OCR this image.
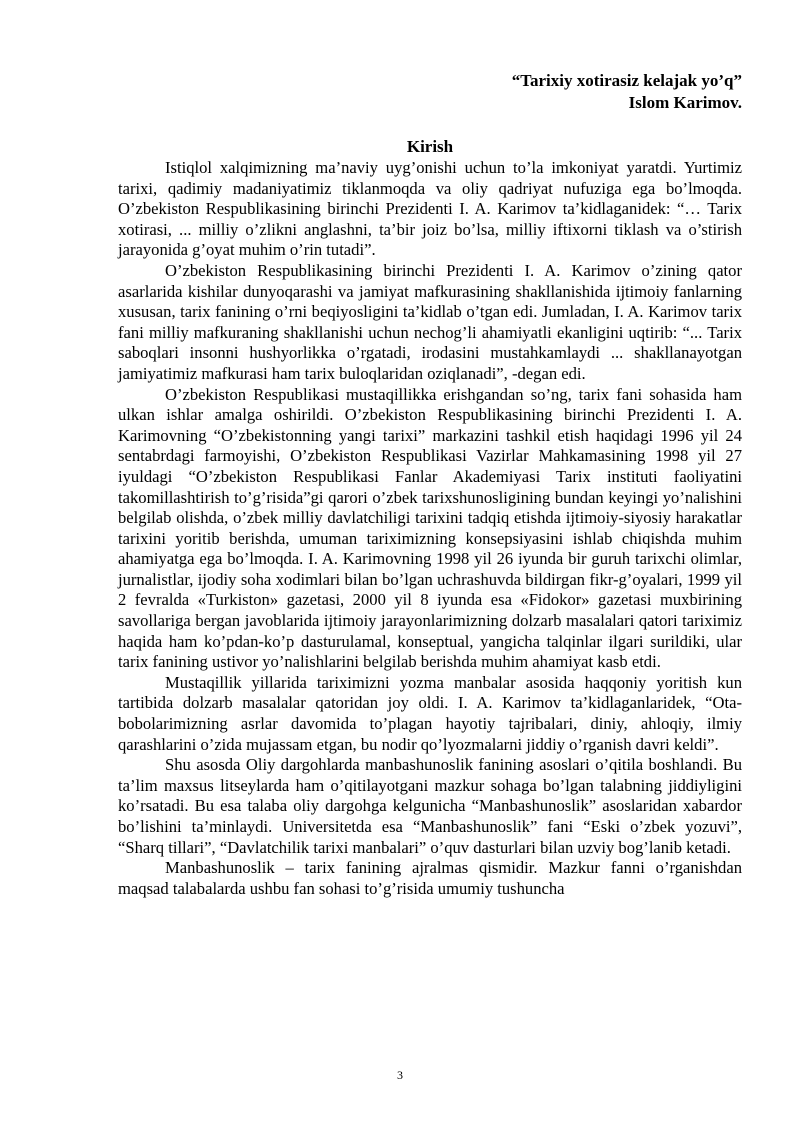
“Tarixiy xotirasiz kelajak yo’q”
Islom Karimov.
Kirish

Istiqlol xalqimizning ma’naviy uyg’onishi uchun to’la imkoniyat yaratdi. Yurtimiz tarixi, qadimiy madaniyatimiz tiklanmoqda va oliy qadriyat nufuziga ega bo’lmoqda. O’zbekiston Respublikasining birinchi Prezidenti I. A. Karimov ta’kidlaganidek: “… Tarix xotirasi, ... milliy o’zlikni anglashni, ta’bir joiz bo’lsa, milliy iftixorni tiklash va o’stirish jarayonida g’oyat muhim o’rin tutadi”.

O’zbekiston Respublikasining birinchi Prezidenti I. A. Karimov o’zining qator asarlarida kishilar dunyoqarashi va jamiyat mafkurasining shakllanishida ijtimoiy fanlarning xususan, tarix fanining o’rni beqiyosligini ta’kidlab o’tgan edi. Jumladan, I. A. Karimov tarix fani milliy mafkuraning shakllanishi uchun nechog’li ahamiyatli ekanligini uqtirib: “... Tarix saboqlari insonni hushyorlikka o’rgatadi, irodasini mustahkamlaydi ... shakllanayotgan jamiyatimiz mafkurasi ham tarix buloqlaridan oziqlanadi”, -degan edi.

O’zbekiston Respublikasi mustaqillikka erishgandan so’ng, tarix fani sohasida ham ulkan ishlar amalga oshirildi. O’zbekiston Respublikasining birinchi Prezidenti I. A. Karimovning “O’zbekistonning yangi tarixi” markazini tashkil etish haqidagi 1996 yil 24 sentabrdagi farmoyishi, O’zbekiston Respublikasi Vazirlar Mahkamasining 1998 yil 27 iyuldagi “O’zbekiston Respublikasi Fanlar Akademiyasi Tarix instituti faoliyatini takomillashtirish to’g’risida”gi qarori o’zbek tarixshunosligining bundan keyingi yo’nalishini belgilab olishda, o’zbek milliy davlatchiligi tarixini tadqiq etishda ijtimoiy-siyosiy harakatlar tarixini yoritib berishda, umuman tariximizning konsepsiyasini ishlab chiqishda muhim ahamiyatga ega bo’lmoqda. I. A. Karimovning 1998 yil 26 iyunda bir guruh tarixchi olimlar, jurnalistlar, ijodiy soha xodimlari bilan bo’lgan uchrashuvda bildirgan fikr-g’oyalari, 1999 yil 2 fevralda «Turkiston» gazetasi, 2000 yil 8 iyunda esa «Fidokor» gazetasi muxbirining savollariga bergan javoblarida ijtimoiy jarayonlarimizning dolzarb masalalari qatori tariximiz haqida ham ko’pdan-ko’p dasturulamal, konseptual, yangicha talqinlar ilgari surildiki, ular tarix fanining ustivor yo’nalishlarini belgilab berishda muhim ahamiyat kasb etdi.

Mustaqillik yillarida tariximizni yozma manbalar asosida haqqoniy yoritish kun tartibida dolzarb masalalar qatoridan joy oldi. I. A. Karimov ta’kidlaganlaridek, “Ota-bobolarimizning asrlar davomida to’plagan hayotiy tajribalari, diniy, ahloqiy, ilmiy qarashlarini o’zida mujassam etgan, bu nodir qo’lyozmalarni jiddiy o’rganish davri keldi”.

Shu asosda Oliy dargohlarda manbashunoslik fanining asoslari o’qitila boshlandi. Bu ta’lim maxsus litseylarda ham o’qitilayotgani mazkur sohaga bo’lgan talabning jiddiyligini ko’rsatadi. Bu esa talaba oliy dargohga kelgunicha “Manbashunoslik” asoslaridan xabardor bo’lishini ta’minlaydi. Universitetda esa “Manbashunoslik” fani “Eski o’zbek yozuvi”, “Sharq tillari”, “Davlatchilik tarixi manbalari” o’quv dasturlari bilan uzviy bog’lanib ketadi.

Manbashunoslik – tarix fanining ajralmas qismidir. Mazkur fanni o’rganishdan maqsad talabalarda ushbu fan sohasi to’g’risida umumiy tushuncha

3
